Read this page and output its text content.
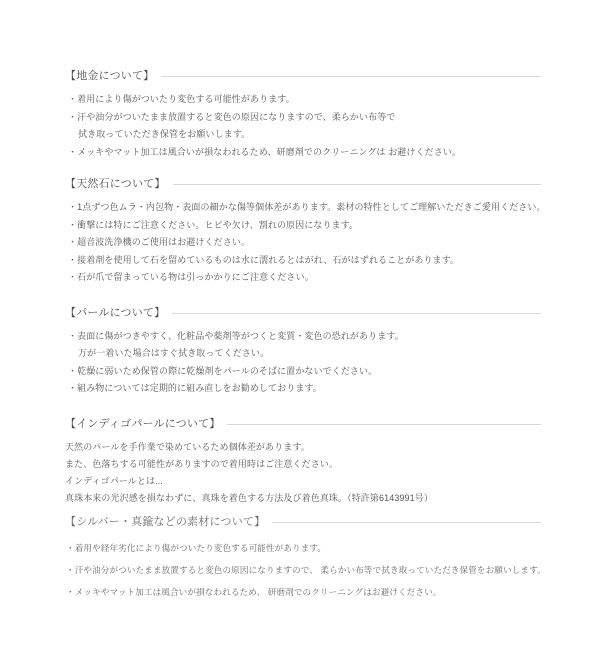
【地金について】

・着用により傷がついたり変色する可能性があります。

・汗や油分がついたまま放置すると変色の原因になりますので、柔らかい布等で

拭き取っていただき保管をお願いします。

・メッキやマット加工は風合いが損なわれるため、研磨剤でのクリーニングは お避けください。

【天然石について】

・1点ずつ色ムラ・内包物・表面の細かな傷等個体差があります。素材の特性としてご理解いただきご愛用ください。

・衝撃には特にご注意ください。ヒビや欠け、割れの原因になります。

・超音波洗浄機のご使用はお避けください。

・接着剤を使用して石を留めているものは水に濡れるとはがれ、石がはずれることがあります。

・石が爪で留まっている物は引っかかりにご注意ください。

【パールについて】

・表面に傷がつきやすく、化粧品や薬剤等がつくと変質・変色の恐れがあります。

万が一着いた場合はすぐ拭き取ってください。

・乾燥に弱いため保管の際に乾燥剤をパールのそばに置かないでください。

・組み物については定期的に組み直しをお勧めしております。

【インディゴパールについて】

天然のパールを手作業で染めているため個体差があります。

また、色落ちする可能性がありますので着用時はご注意ください。

インディゴパールとは...

真珠本来の光沢感を損なわずに、真珠を着色する方法及び着色真珠。（特許第6143991号）

【シルバー・真鍮などの素材について】

・着用や経年劣化により傷がついたり変色する可能性があります。

・汗や油分がついたまま放置すると変色の原因になりますので、 柔らかい布等で拭き取っていただき保管をお願いします。

・メッキやマット加工は風合いが損なわれるため、 研磨剤でのクリーニングはお避けください。
